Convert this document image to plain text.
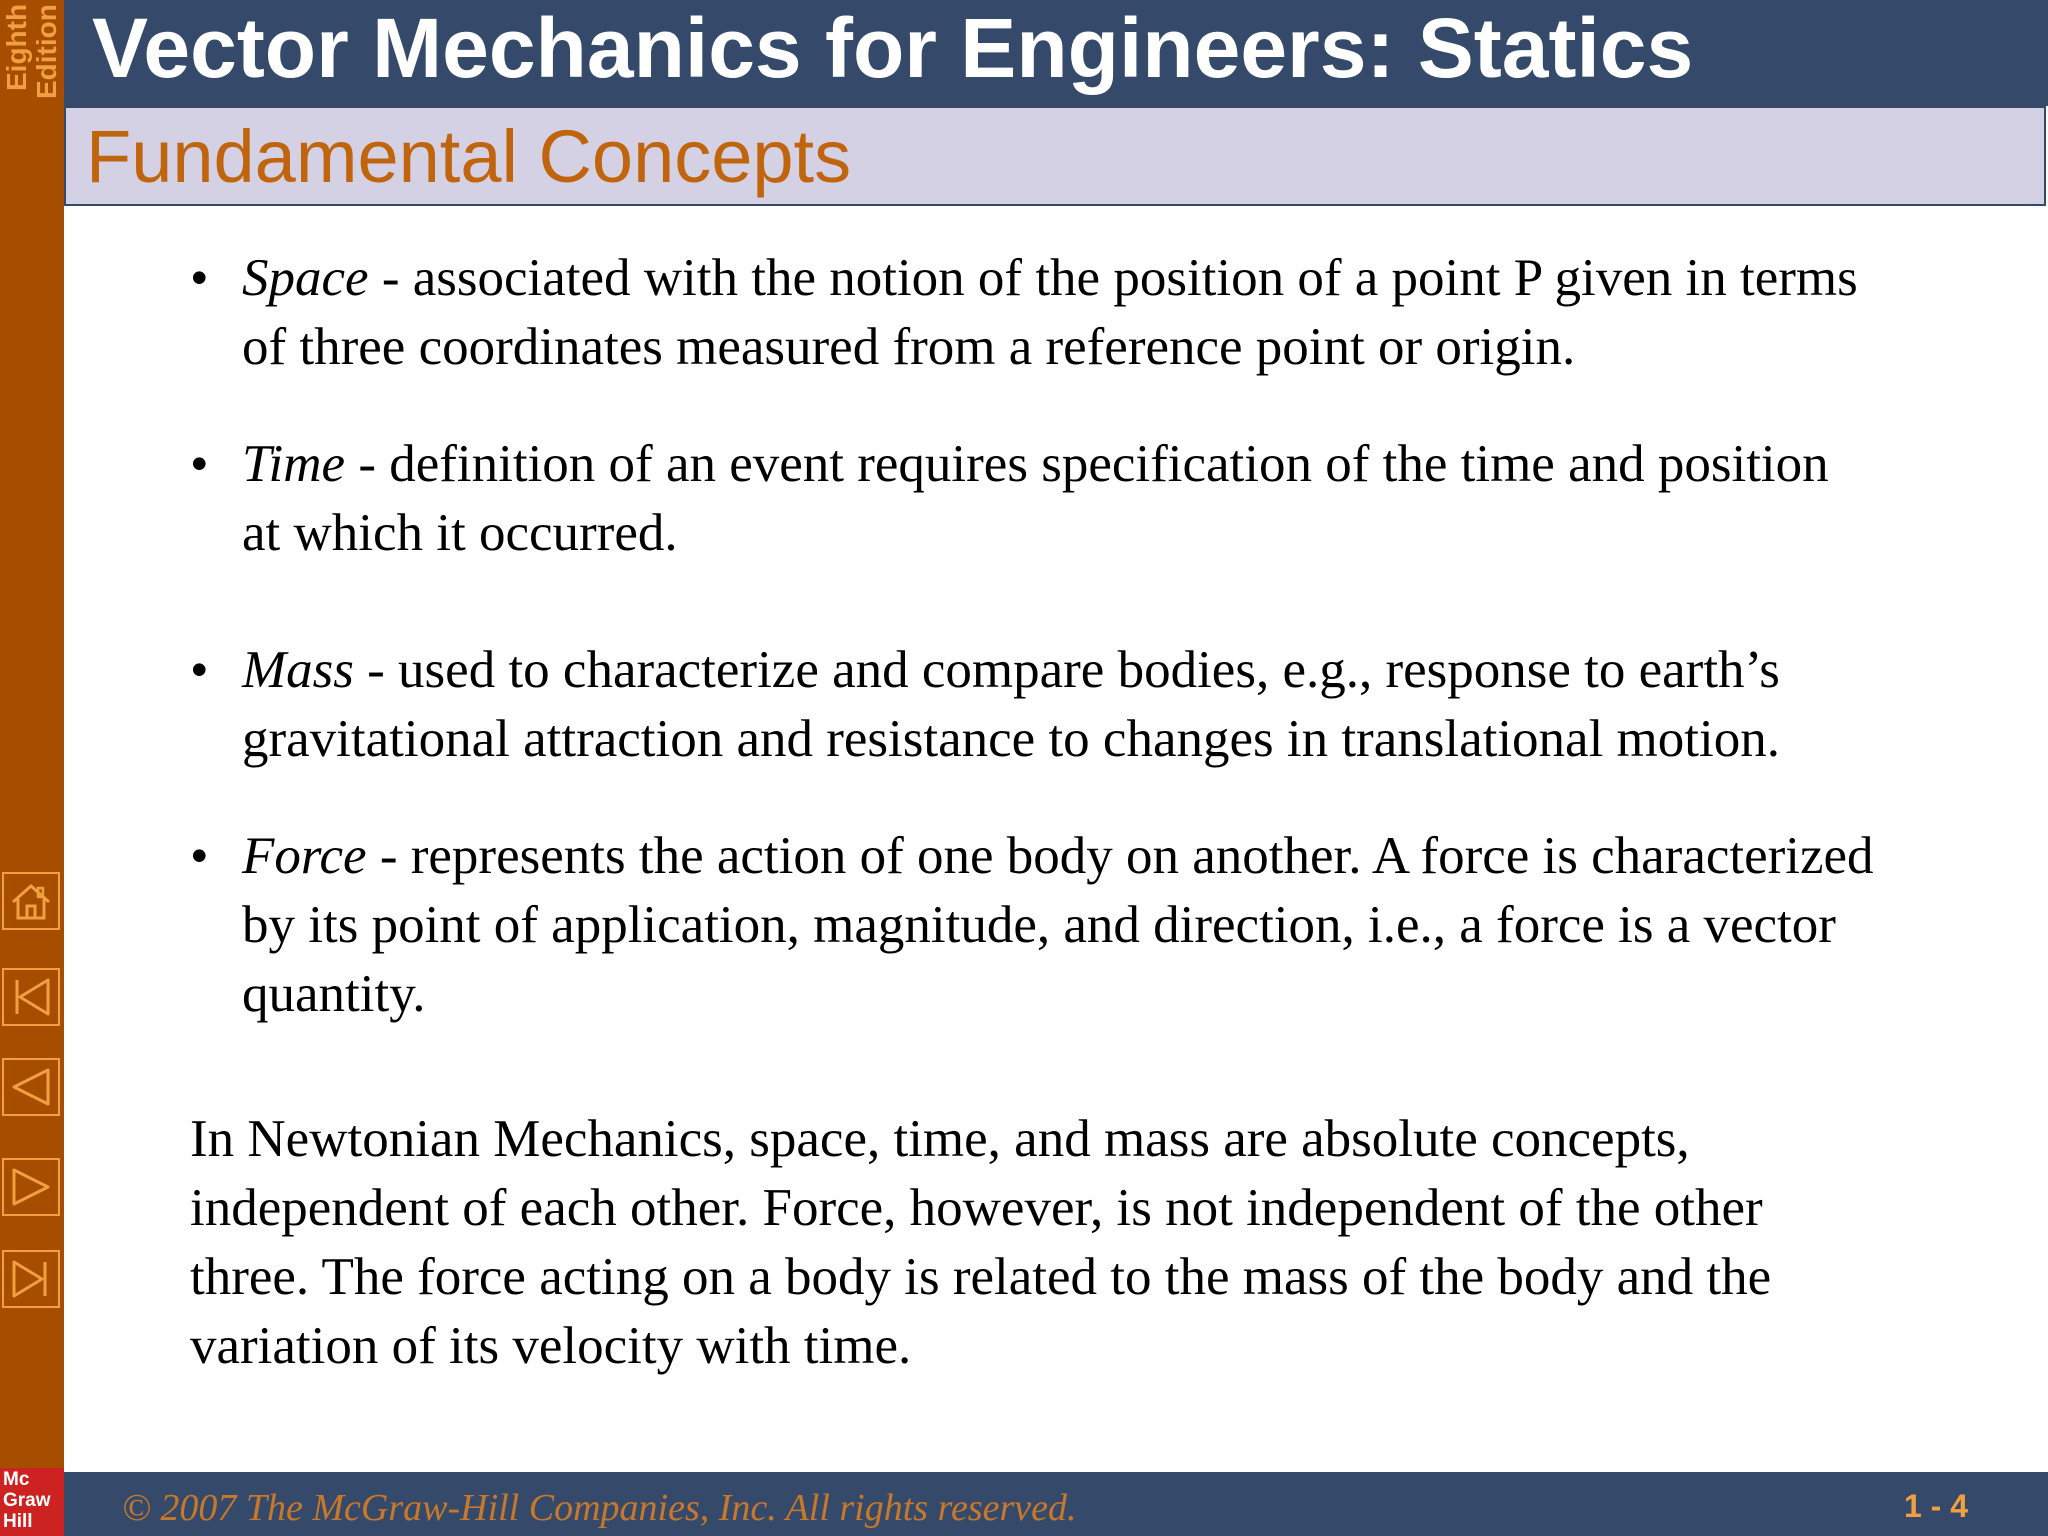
Eighth
Edition
Mc
Graw
Hill
Vector Mechanics for Engineers: Statics
Fundamental Concepts

• Space - associated with the notion of the position of a point P given in terms of three coordinates measured from a reference point or origin.

• Time - definition of an event requires specification of the time and position at which it occurred.

• Mass - used to characterize and compare bodies, e.g., response to earth’s gravitational attraction and resistance to changes in translational motion.

• Force - represents the action of one body on another. A force is characterized by its point of application, magnitude, and direction, i.e., a force is a vector quantity.

In Newtonian Mechanics, space, time, and mass are absolute concepts, independent of each other. Force, however, is not independent of the other three. The force acting on a body is related to the mass of the body and the variation of its velocity with time.

© 2007 The McGraw-Hill Companies, Inc. All rights reserved.	1 - 4
